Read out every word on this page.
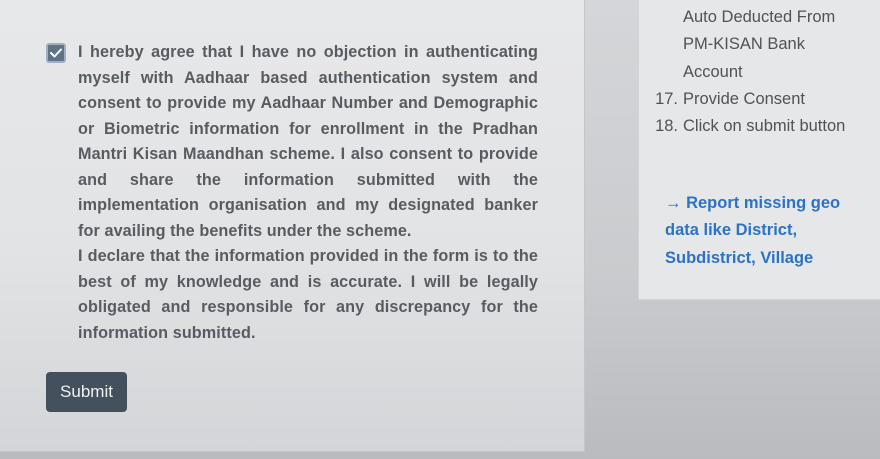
I hereby agree that I have no objection in authenticating myself with Aadhaar based authentication system and consent to provide my Aadhaar Number and Demographic or Biometric information for enrollment in the Pradhan Mantri Kisan Maandhan scheme. I also consent to provide and share the information submitted with the implementation organisation and my designated banker for availing the benefits under the scheme.

I declare that the information provided in the form is to the best of my knowledge and is accurate. I will be legally obligated and responsible for any discrepancy for the information submitted.

Submit
Auto Deducted From PM-KISAN Bank Account
17. Provide Consent
18. Click on submit button
→ Report missing geo data like District, Subdistrict, Village
